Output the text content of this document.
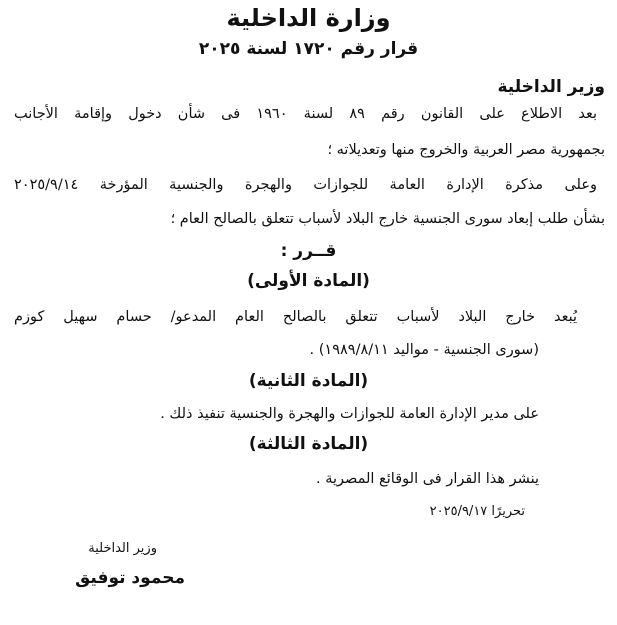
وزارة الداخلية
قرار رقم ١٧٢٠ لسنة ٢٠٢٥
وزير الداخلية
بعد الاطلاع على القانون رقم ٨٩ لسنة ١٩٦٠ فى شأن دخول وإقامة الأجانب
بجمهورية مصر العربية والخروج منها وتعديلاته ؛
وعلى مذكرة الإدارة العامة للجوازات والهجرة والجنسية المؤرخة ٢٠٢٥/٩/١٤
بشأن طلب إبعاد سورى الجنسية خارج البلاد لأسباب تتعلق بالصالح العام ؛
قــرر :
(المادة الأولى)
يُبعد خارج البلاد لأسباب تتعلق بالصالح العام المدعو/ حسام سهيل كوزم
(سورى الجنسية - مواليد ١٩٨٩/٨/١١) .
(المادة الثانية)
على مدير الإدارة العامة للجوازات والهجرة والجنسية تنفيذ ذلك .
(المادة الثالثة)
ينشر هذا القرار فى الوقائع المصرية .
تحريرًا ٢٠٢٥/٩/١٧
وزير الداخلية
محمود توفيق
